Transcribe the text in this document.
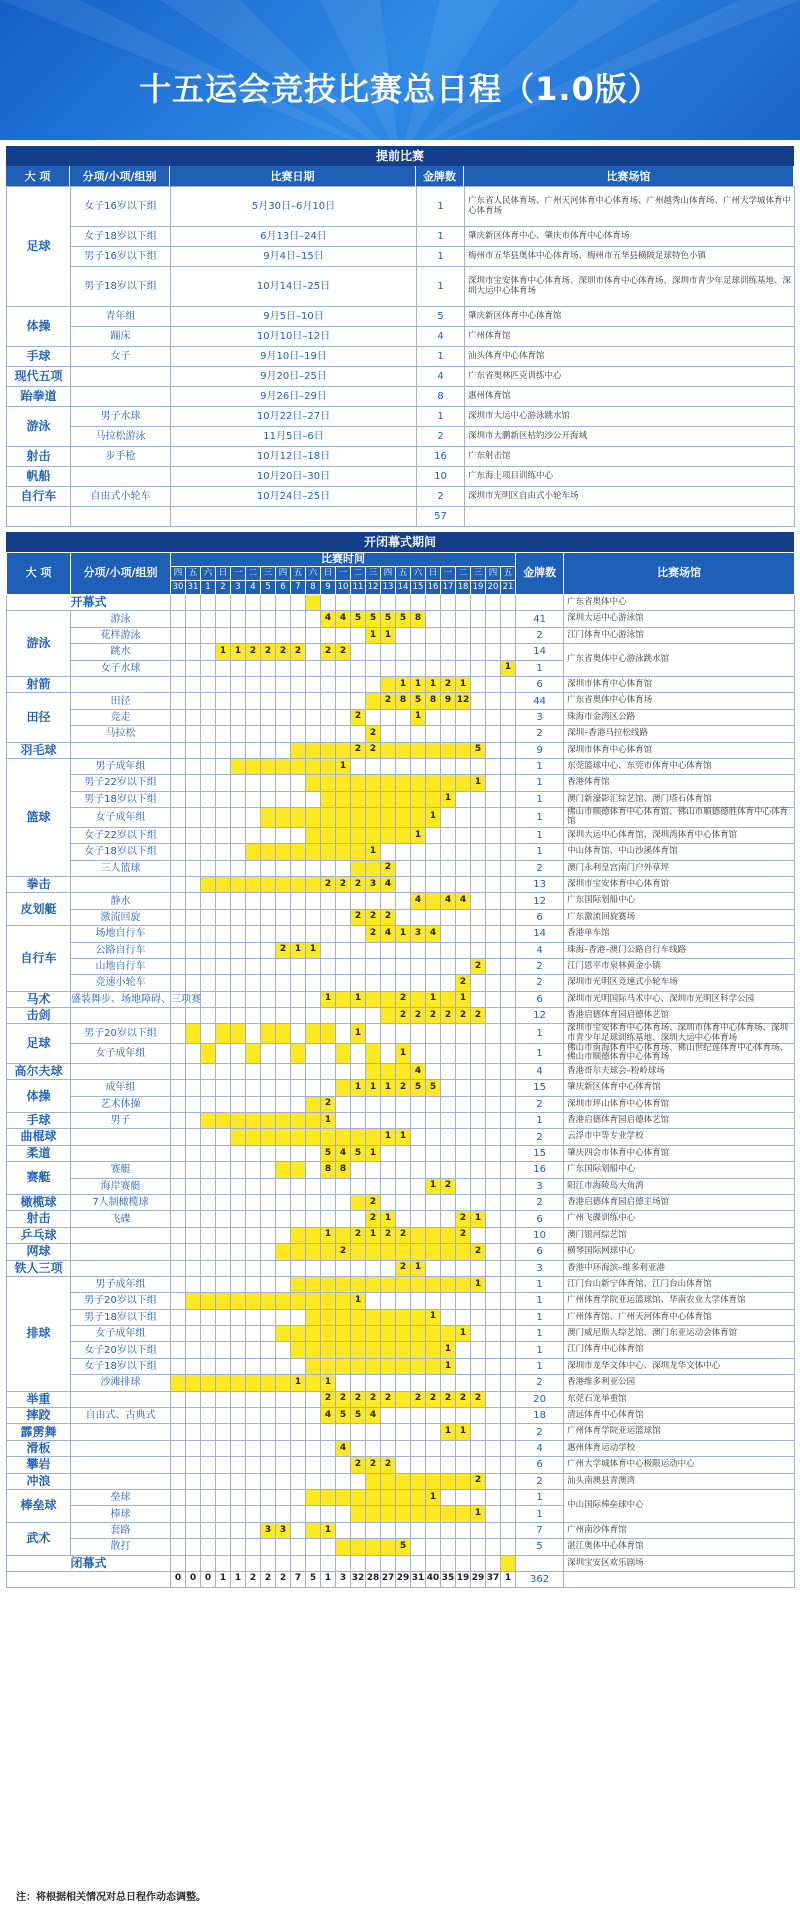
十五运会竞技比赛总日程（1.0版）
提前比赛
大 项	分项/小项/组别	比赛日期	金牌数	比赛场馆
足球	女子16岁以下组	5月30日–6月10日	1	广东省人民体育场、广州天河体育中心体育场、广州越秀山体育场、广州大学城体育中心体育场
	女子18岁以下组	6月13日–24日	1	肇庆新区体育中心、肇庆市体育中心体育场
	男子16岁以下组	9月4日–15日	1	梅州市五华县奥体中心体育场、梅州市五华县横陂足球特色小镇
	男子18岁以下组	10月14日–25日	1	深圳市宝安体育中心体育场、深圳市体育中心体育场、深圳市青少年足球训练基地、深圳大运中心体育场
体操	青年组	9月5日–10日	5	肇庆新区体育中心体育馆
	蹦床	10月10日–12日	4	广州体育馆
手球	女子	9月10日–19日	1	汕头体育中心体育馆
现代五项		9月20日–25日	4	广东省奥林匹克训练中心
跆拳道		9月26日–29日	8	惠州体育馆
游泳	男子水球	10月22日–27日	1	深圳市大运中心游泳跳水馆
	马拉松游泳	11月5日–6日	2	深圳市大鹏新区桔钓沙公开海域
射击	步手枪	10月12日–18日	16	广东射击馆
帆船		10月20日–30日	10	广东海上项目训练中心
自行车	自由式小轮车	10月24日–25日	2	深圳市光明区自由式小轮车场
			57	
开闭幕式期间
大 项	分项/小项/组别	比赛时间																							金牌数	比赛场馆
		四	五	六	日	一	二	三	四	五	六	日	一	二	三	四	五	六	日	一	二	三	四	五		
		30	31	1	2	3	4	5	6	7	8	9	10	11	12	13	14	15	16	17	18	19	20	21		
开幕式																										广东省奥体中心
游泳	游泳											4	4	5	5	5	5	8							41	深圳大运中心游泳馆
	花样游泳														1	1									2	江门体育中心游泳馆
	跳水				1	1	2	2	2	2		2	2												14	广东省奥体中心游泳跳水馆
	女子水球																							1	1	
射箭																	1	1	1	2	1				6	深圳市体育中心体育馆
田径	田径															2	8	5	8	9	12				44	广东省奥体中心体育场
	竞走													2				1							3	珠海市金湾区公路
	马拉松														2										2	深圳–香港马拉松线路
羽毛球														2	2							5			9	深圳市体育中心体育馆
篮球	男子成年组												1												1	东莞篮球中心、东莞市体育中心体育馆
	男子22岁以下组																					1			1	香港体育馆
	男子18岁以下组																			1					1	澳门新濠影汇综艺馆、澳门塔石体育馆
	女子成年组																		1						1	佛山市顺德体育中心体育馆、佛山市顺德德胜体育中心体育馆
	女子22岁以下组																	1							1	深圳大运中心体育馆、深圳湾体育中心体育馆
	女子18岁以下组														1										1	中山体育馆、中山沙溪体育馆
	三人篮球															2									2	澳门永利皇宫南门户外草坪
拳击												2	2	2	3	4									13	深圳市宝安体育中心体育馆
皮划艇	静水																	4		4	4				12	广东国际划船中心
	激流回旋													2	2	2									6	广东激流回旋赛场
自行车	场地自行车														2	4	1	3	4						14	香港单车馆
	公路自行车								2	1	1														4	珠海–香港–澳门公路自行车线路
	山地自行车																					2			2	江门恩平市泉林黄金小镇
	竞速小轮车																				2				2	深圳市光明区竞速式小轮车场
马术	盛装舞步、场地障碍、三项赛											1		1			2		1		1				6	深圳市光明国际马术中心、深圳市光明区科学公园
击剑																	2	2	2	2	2	2			12	香港启德体育园启德体艺馆
足球	男子20岁以下组													1											1	深圳市宝安体育中心体育场、深圳市体育中心体育场、深圳市青少年足球训练基地、深圳大运中心体育场
	女子成年组																1								1	佛山市南海体育中心体育场、佛山世纪莲体育中心体育场、佛山市顺德体育中心体育场
高尔夫球																		4							4	香港哥尔夫球会–粉岭球场
体操	成年组													1	1	1	2	5	5						15	肇庆新区体育中心体育馆
	艺术体操											2													2	深圳市坪山体育中心体育馆
手球	男子											1													1	香港启德体育园启德体艺馆
曲棍球																1	1								2	云浮市中等专业学校
柔道												5	4	5	1										15	肇庆四会市体育中心体育馆
赛艇	赛艇											8	8												16	广东国际划船中心
	海岸赛艇																		1	2					3	阳江市海陵岛大角湾
橄榄球	7人制橄榄球														2										2	香港启德体育园启德主场馆
射击	飞碟														2	1					2	1			6	广州飞碟训练中心
乒乓球												1		2	1	2	2				2				10	澳门银河综艺馆
网球													2									2			6	横琴国际网球中心
铁人三项																	2	1							3	香港中环海滨–维多利亚港
排球	男子成年组																					1			1	江门台山新宁体育馆、江门台山体育馆
	男子20岁以下组													1											1	广州体育学院亚运篮球馆、华南农业大学体育馆
	男子18岁以下组																		1						1	广州体育馆、广州天河体育中心体育馆
	女子成年组																				1				1	澳门威尼斯人综艺馆、澳门东亚运动会体育馆
	女子20岁以下组																			1					1	江门体育中心体育馆
	女子18岁以下组																			1					1	深圳市龙华文体中心、深圳龙华文体中心
	沙滩排球									1		1													2	香港维多利亚公园
举重												2	2	2	2	2		2	2	2	2	2			20	东莞石龙举重馆
摔跤	自由式、古典式											4	5	5	4										18	清远体育中心体育馆
霹雳舞																				1	1				2	广州体育学院亚运篮球馆
滑板													4												4	惠州体育运动学校
攀岩														2	2	2									6	广州大学城体育中心极限运动中心
冲浪																						2			2	汕头南澳县青澳湾
棒垒球	垒球																		1						1	中山国际棒垒球中心
	棒球																					1			1	
武术	套路							3	3			1													7	广州南沙体育馆
	散打																5								5	湛江奥体中心体育馆
闭幕式																										深圳宝安区欢乐剧场
		0	0	0	1	1	2	2	2	7	5	1	3	32	28	27	29	31	40	35	19	29	37	1	362	
注：将根据相关情况对总日程作动态调整。
